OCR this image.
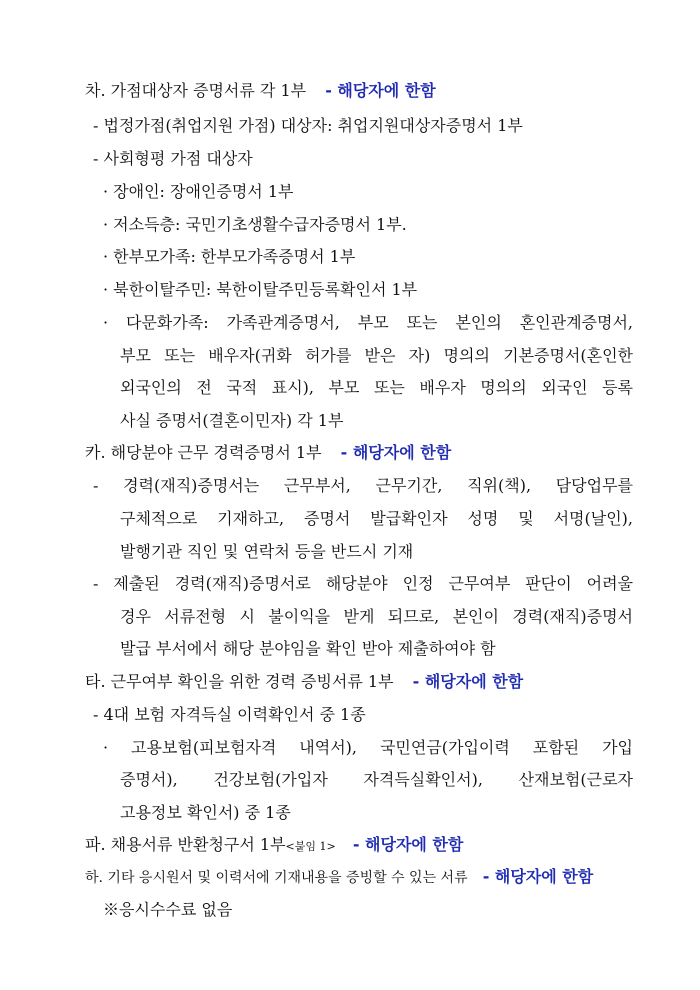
차. 가점대상자 증명서류 각 1부 - 해당자에 한함
- 법정가점(취업지원 가점) 대상자: 취업지원대상자증명서 1부
- 사회형평 가점 대상자
· 장애인: 장애인증명서 1부
· 저소득층: 국민기초생활수급자증명서 1부.
· 한부모가족: 한부모가족증명서 1부
· 북한이탈주민: 북한이탈주민등록확인서 1부
· 다문화가족: 가족관계증명서, 부모 또는 본인의 혼인관계증명서,
부모 또는 배우자(귀화 허가를 받은 자) 명의의 기본증명서(혼인한
외국인의 전 국적 표시), 부모 또는 배우자 명의의 외국인 등록
사실 증명서(결혼이민자) 각 1부
카. 해당분야 근무 경력증명서 1부 - 해당자에 한함
- 경력(재직)증명서는 근무부서, 근무기간, 직위(책), 담당업무를
구체적으로 기재하고, 증명서 발급확인자 성명 및 서명(날인),
발행기관 직인 및 연락처 등을 반드시 기재
- 제출된 경력(재직)증명서로 해당분야 인정 근무여부 판단이 어려울
경우 서류전형 시 불이익을 받게 되므로, 본인이 경력(재직)증명서
발급 부서에서 해당 분야임을 확인 받아 제출하여야 함
타. 근무여부 확인을 위한 경력 증빙서류 1부 - 해당자에 한함
- 4대 보험 자격득실 이력확인서 중 1종
· 고용보험(피보험자격 내역서), 국민연금(가입이력 포함된 가입
증명서), 건강보험(가입자 자격득실확인서), 산재보험(근로자
고용정보 확인서) 중 1종
파. 채용서류 반환청구서 1부<붙임 1> - 해당자에 한함
하. 기타 응시원서 및 이력서에 기재내용을 증빙할 수 있는 서류 - 해당자에 한함
※응시수수료 없음
